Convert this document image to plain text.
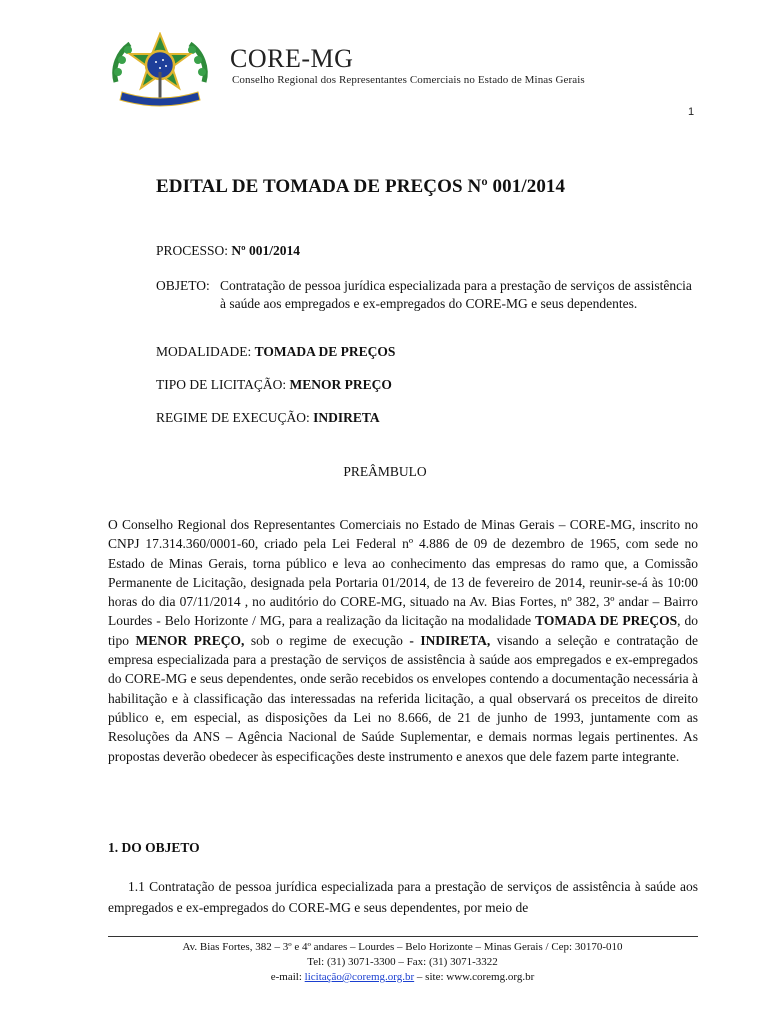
CORE-MG
Conselho Regional dos Representantes Comerciais no Estado de Minas Gerais
1
EDITAL DE TOMADA DE PREÇOS Nº 001/2014
PROCESSO: Nº 001/2014
OBJETO: Contratação de pessoa jurídica especializada para a prestação de serviços de assistência à saúde aos empregados e ex-empregados do CORE-MG e seus dependentes.
MODALIDADE: TOMADA DE PREÇOS
TIPO DE LICITAÇÃO: MENOR PREÇO
REGIME DE EXECUÇÃO: INDIRETA
PREÂMBULO

O Conselho Regional dos Representantes Comerciais no Estado de Minas Gerais – CORE-MG, inscrito no CNPJ 17.314.360/0001-60, criado pela Lei Federal nº 4.886 de 09 de dezembro de 1965, com sede no Estado de Minas Gerais, torna público e leva ao conhecimento das empresas do ramo que, a Comissão Permanente de Licitação, designada pela Portaria 01/2014, de 13 de fevereiro de 2014, reunir-se-á às 10:00 horas do dia 07/11/2014 , no auditório do CORE-MG, situado na Av. Bias Fortes, nº 382, 3º andar – Bairro Lourdes - Belo Horizonte / MG, para a realização da licitação na modalidade TOMADA DE PREÇOS, do tipo MENOR PREÇO, sob o regime de execução - INDIRETA, visando a seleção e contratação de empresa especializada para a prestação de serviços de assistência à saúde aos empregados e ex-empregados do CORE-MG e seus dependentes, onde serão recebidos os envelopes contendo a documentação necessária à habilitação e à classificação das interessadas na referida licitação, a qual observará os preceitos de direito público e, em especial, as disposições da Lei no 8.666, de 21 de junho de 1993, juntamente com as Resoluções da ANS – Agência Nacional de Saúde Suplementar, e demais normas legais pertinentes. As propostas deverão obedecer às especificações deste instrumento e anexos que dele fazem parte integrante.

1. DO OBJETO

1.1 Contratação de pessoa jurídica especializada para a prestação de serviços de assistência à saúde aos empregados e ex-empregados do CORE-MG e seus dependentes, por meio de

Av. Bias Fortes, 382 – 3º e 4º andares – Lourdes – Belo Horizonte – Minas Gerais / Cep: 30170-010
Tel: (31) 3071-3300 – Fax: (31) 3071-3322
e-mail: licitação@coremg.org.br – site: www.coremg.org.br
